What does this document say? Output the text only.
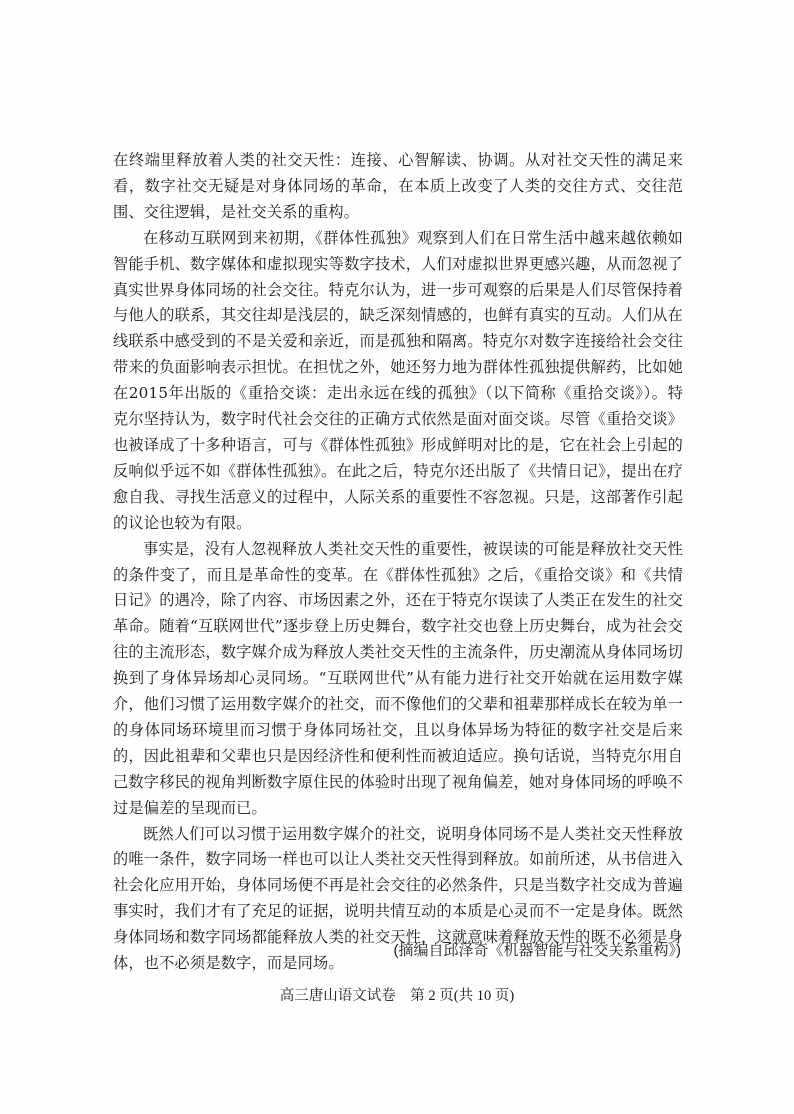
在终端里释放着人类的社交天性：连接、心智解读、协调。从对社交天性的满足来看，数字社交无疑是对身体同场的革命，在本质上改变了人类的交往方式、交往范围、交往逻辑，是社交关系的重构。

在移动互联网到来初期，《群体性孤独》观察到人们在日常生活中越来越依赖如智能手机、数字媒体和虚拟现实等数字技术，人们对虚拟世界更感兴趣，从而忽视了真实世界身体同场的社会交往。特克尔认为，进一步可观察的后果是人们尽管保持着与他人的联系，其交往却是浅层的，缺乏深刻情感的，也鲜有真实的互动。人们从在线联系中感受到的不是关爱和亲近，而是孤独和隔离。特克尔对数字连接给社会交往带来的负面影响表示担忧。在担忧之外，她还努力地为群体性孤独提供解药，比如她在2015年出版的《重拾交谈：走出永远在线的孤独》（以下简称《重拾交谈》）。特克尔坚持认为，数字时代社会交往的正确方式依然是面对面交谈。尽管《重拾交谈》也被译成了十多种语言，可与《群体性孤独》形成鲜明对比的是，它在社会上引起的反响似乎远不如《群体性孤独》。在此之后，特克尔还出版了《共情日记》，提出在疗愈自我、寻找生活意义的过程中，人际关系的重要性不容忽视。只是，这部著作引起的议论也较为有限。

事实是，没有人忽视释放人类社交天性的重要性，被误读的可能是释放社交天性的条件变了，而且是革命性的变革。在《群体性孤独》之后，《重拾交谈》和《共情日记》的遇冷，除了内容、市场因素之外，还在于特克尔误读了人类正在发生的社交革命。随着“互联网世代”逐步登上历史舞台，数字社交也登上历史舞台，成为社会交往的主流形态，数字媒介成为释放人类社交天性的主流条件，历史潮流从身体同场切换到了身体异场却心灵同场。“互联网世代”从有能力进行社交开始就在运用数字媒介，他们习惯了运用数字媒介的社交，而不像他们的父辈和祖辈那样成长在较为单一的身体同场环境里而习惯于身体同场社交，且以身体异场为特征的数字社交是后来的，因此祖辈和父辈也只是因经济性和便利性而被迫适应。换句话说，当特克尔用自己数字移民的视角判断数字原住民的体验时出现了视角偏差，她对身体同场的呼唤不过是偏差的呈现而已。

既然人们可以习惯于运用数字媒介的社交，说明身体同场不是人类社交天性释放的唯一条件，数字同场一样也可以让人类社交天性得到释放。如前所述，从书信进入社会化应用开始，身体同场便不再是社会交往的必然条件，只是当数字社交成为普遍事实时，我们才有了充足的证据，说明共情互动的本质是心灵而不一定是身体。既然身体同场和数字同场都能释放人类的社交天性，这就意味着释放天性的既不必须是身体，也不必须是数字，而是同场。

(摘编自邱泽奇《机器智能与社交关系重构》)
高三唐山语文试卷　第 2 页(共 10 页)
